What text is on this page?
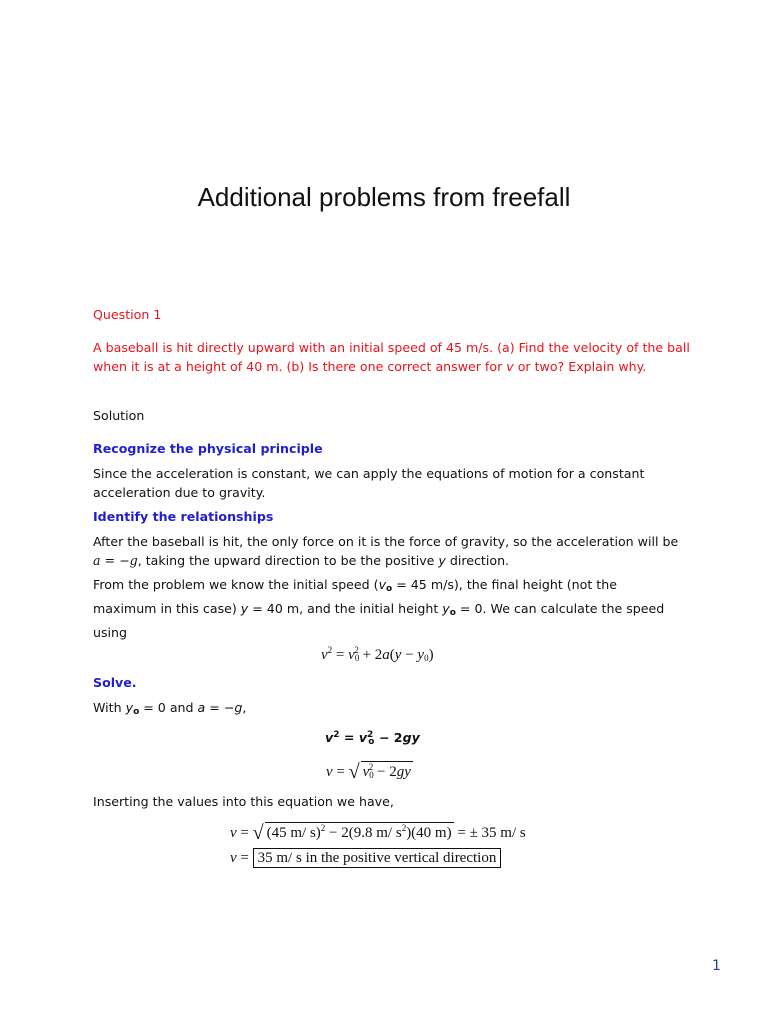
Additional problems from freefall
Question 1
A baseball is hit directly upward with an initial speed of 45 m/s. (a) Find the velocity of the ball when it is at a height of 40 m. (b) Is there one correct answer for v or two? Explain why.
Solution
Recognize the physical principle
Since the acceleration is constant, we can apply the equations of motion for a constant acceleration due to gravity.
Identify the relationships
After the baseball is hit, the only force on it is the force of gravity, so the acceleration will be
a = −g, taking the upward direction to be the positive y direction.
From the problem we know the initial speed ($v_o = 45$ m/s), the final height (not the
maximum in this case) y = 40 m, and the initial height $y_o = 0$. We can calculate the speed
using
$v^2 = v_0^2 + 2a(y - y_0)$
Solve.
With $y_o = 0$ and a = −g,
$v^2 = v^2_o - 2gy$
v = √ $v_0^2 - 2gy$
Inserting the values into this equation we have,
v = √ (45 m/ s)$^2$ − 2(9.8 m/ $s^2)(40$ m) = ± 35 m/ s
v = 35 m/ s in the positive vertical direction
1
